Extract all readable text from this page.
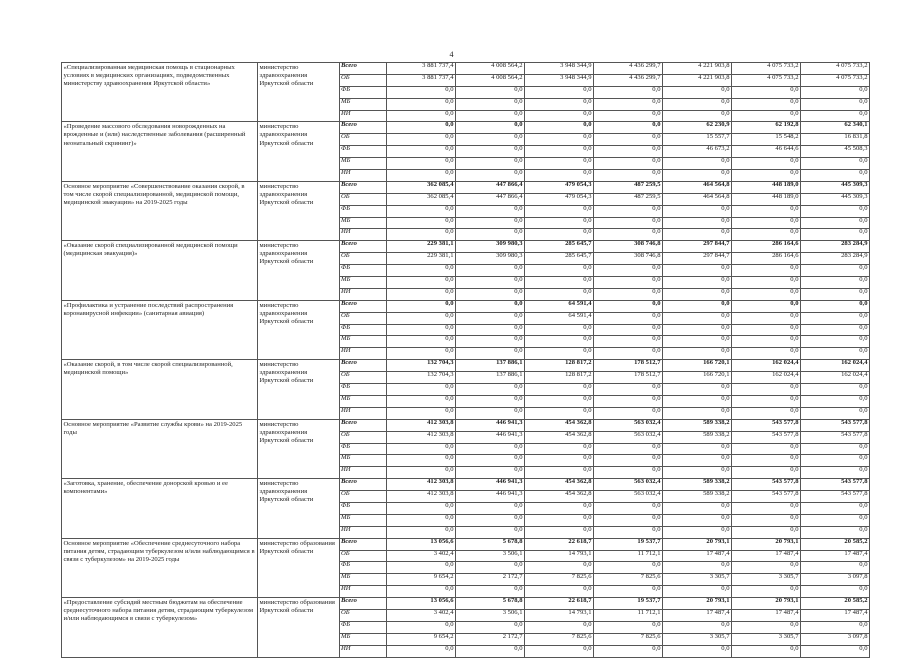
4
«Специализированная медицинская помощь в стационарных условиях в медицинских организациях, подведомственных министерству здравоохранения Иркутской области»	министерство здравоохранения Иркутской области	Всего	3 881 737,4	4 008 564,2	3 948 344,9	4 436 299,7	4 221 903,8	4 075 733,2	4 075 733,2
		ОБ	3 881 737,4	4 008 564,2	3 948 344,9	4 436 299,7	4 221 903,8	4 075 733,2	4 075 733,2
		ФБ	0,0	0,0	0,0	0,0	0,0	0,0	0,0
		МБ	0,0	0,0	0,0	0,0	0,0	0,0	0,0
		ИИ	0,0	0,0	0,0	0,0	0,0	0,0	0,0
«Проведение массового обследования новорожденных на врожденные и (или) наследственные заболевания (расширенный неонатальный скрининг)»	министерство здравоохранения Иркутской области	Всего	0,0	0,0	0,0	0,0	62 230,9	62 192,8	62 340,1
		ОБ	0,0	0,0	0,0	0,0	15 557,7	15 548,2	16 831,8
		ФБ	0,0	0,0	0,0	0,0	46 673,2	46 644,6	45 508,3
		МБ	0,0	0,0	0,0	0,0	0,0	0,0	0,0
		ИИ	0,0	0,0	0,0	0,0	0,0	0,0	0,0
Основное мероприятие «Совершенствование оказания скорой, в том числе скорой специализированной, медицинской помощи, медицинской эвакуации» на 2019-2025 годы	министерство здравоохранения Иркутской области	Всего	362 085,4	447 866,4	479 054,3	487 259,5	464 564,8	448 189,0	445 309,3
		ОБ	362 085,4	447 866,4	479 054,3	487 259,5	464 564,8	448 189,0	445 309,3
		ФБ	0,0	0,0	0,0	0,0	0,0	0,0	0,0
		МБ	0,0	0,0	0,0	0,0	0,0	0,0	0,0
		ИИ	0,0	0,0	0,0	0,0	0,0	0,0	0,0
«Оказание скорой специализированной медицинской помощи (медицинская эвакуация)»	министерство здравоохранения Иркутской области	Всего	229 381,1	309 980,3	285 645,7	308 746,8	297 844,7	286 164,6	283 284,9
		ОБ	229 381,1	309 980,3	285 645,7	308 746,8	297 844,7	286 164,6	283 284,9
		ФБ	0,0	0,0	0,0	0,0	0,0	0,0	0,0
		МБ	0,0	0,0	0,0	0,0	0,0	0,0	0,0
		ИИ	0,0	0,0	0,0	0,0	0,0	0,0	0,0
«Профилактика и устранение последствий распространения коронавирусной инфекции» (санитарная авиация)	министерство здравоохранения Иркутской области	Всего	0,0	0,0	64 591,4	0,0	0,0	0,0	0,0
		ОБ	0,0	0,0	64 591,4	0,0	0,0	0,0	0,0
		ФБ	0,0	0,0	0,0	0,0	0,0	0,0	0,0
		МБ	0,0	0,0	0,0	0,0	0,0	0,0	0,0
		ИИ	0,0	0,0	0,0	0,0	0,0	0,0	0,0
«Оказание скорой, в том числе скорой специализированной, медицинской помощи»	министерство здравоохранения Иркутской области	Всего	132 704,3	137 886,1	128 817,2	178 512,7	166 720,1	162 024,4	162 024,4
		ОБ	132 704,3	137 886,1	128 817,2	178 512,7	166 720,1	162 024,4	162 024,4
		ФБ	0,0	0,0	0,0	0,0	0,0	0,0	0,0
		МБ	0,0	0,0	0,0	0,0	0,0	0,0	0,0
		ИИ	0,0	0,0	0,0	0,0	0,0	0,0	0,0
Основное мероприятие «Развитие службы крови» на 2019-2025 годы	министерство здравоохранения Иркутской области	Всего	412 303,8	446 941,3	454 362,8	563 032,4	589 338,2	543 577,8	543 577,8
		ОБ	412 303,8	446 941,3	454 362,8	563 032,4	589 338,2	543 577,8	543 577,8
		ФБ	0,0	0,0	0,0	0,0	0,0	0,0	0,0
		МБ	0,0	0,0	0,0	0,0	0,0	0,0	0,0
		ИИ	0,0	0,0	0,0	0,0	0,0	0,0	0,0
«Заготовка, хранение, обеспечение донорской кровью и ее компонентами»	министерство здравоохранения Иркутской области	Всего	412 303,8	446 941,3	454 362,8	563 032,4	589 338,2	543 577,8	543 577,8
		ОБ	412 303,8	446 941,3	454 362,8	563 032,4	589 338,2	543 577,8	543 577,8
		ФБ	0,0	0,0	0,0	0,0	0,0	0,0	0,0
		МБ	0,0	0,0	0,0	0,0	0,0	0,0	0,0
		ИИ	0,0	0,0	0,0	0,0	0,0	0,0	0,0
Основное мероприятие «Обеспечение среднесуточного набора питания детям, страдающим туберкулезом и/или наблюдающимся в связи с туберкулезом» на 2019-2025 годы	министерство образования Иркутской области	Всего	13 056,6	5 678,8	22 618,7	19 537,7	20 793,1	20 793,1	20 585,2
		ОБ	3 402,4	3 506,1	14 793,1	11 712,1	17 487,4	17 487,4	17 487,4
		ФБ	0,0	0,0	0,0	0,0	0,0	0,0	0,0
		МБ	9 654,2	2 172,7	7 825,6	7 825,6	3 305,7	3 305,7	3 097,8
		ИИ	0,0	0,0	0,0	0,0	0,0	0,0	0,0
«Предоставление субсидий местным бюджетам на обеспечение среднесуточного набора питания детям, страдающим туберкулезом и/или наблюдающимся в связи с туберкулезом»	министерство образования Иркутской области	Всего	13 056,6	5 678,8	22 618,7	19 537,7	20 793,1	20 793,1	20 585,2
		ОБ	3 402,4	3 506,1	14 793,1	11 712,1	17 487,4	17 487,4	17 487,4
		ФБ	0,0	0,0	0,0	0,0	0,0	0,0	0,0
		МБ	9 654,2	2 172,7	7 825,6	7 825,6	3 305,7	3 305,7	3 097,8
		ИИ	0,0	0,0	0,0	0,0	0,0	0,0	0,0
